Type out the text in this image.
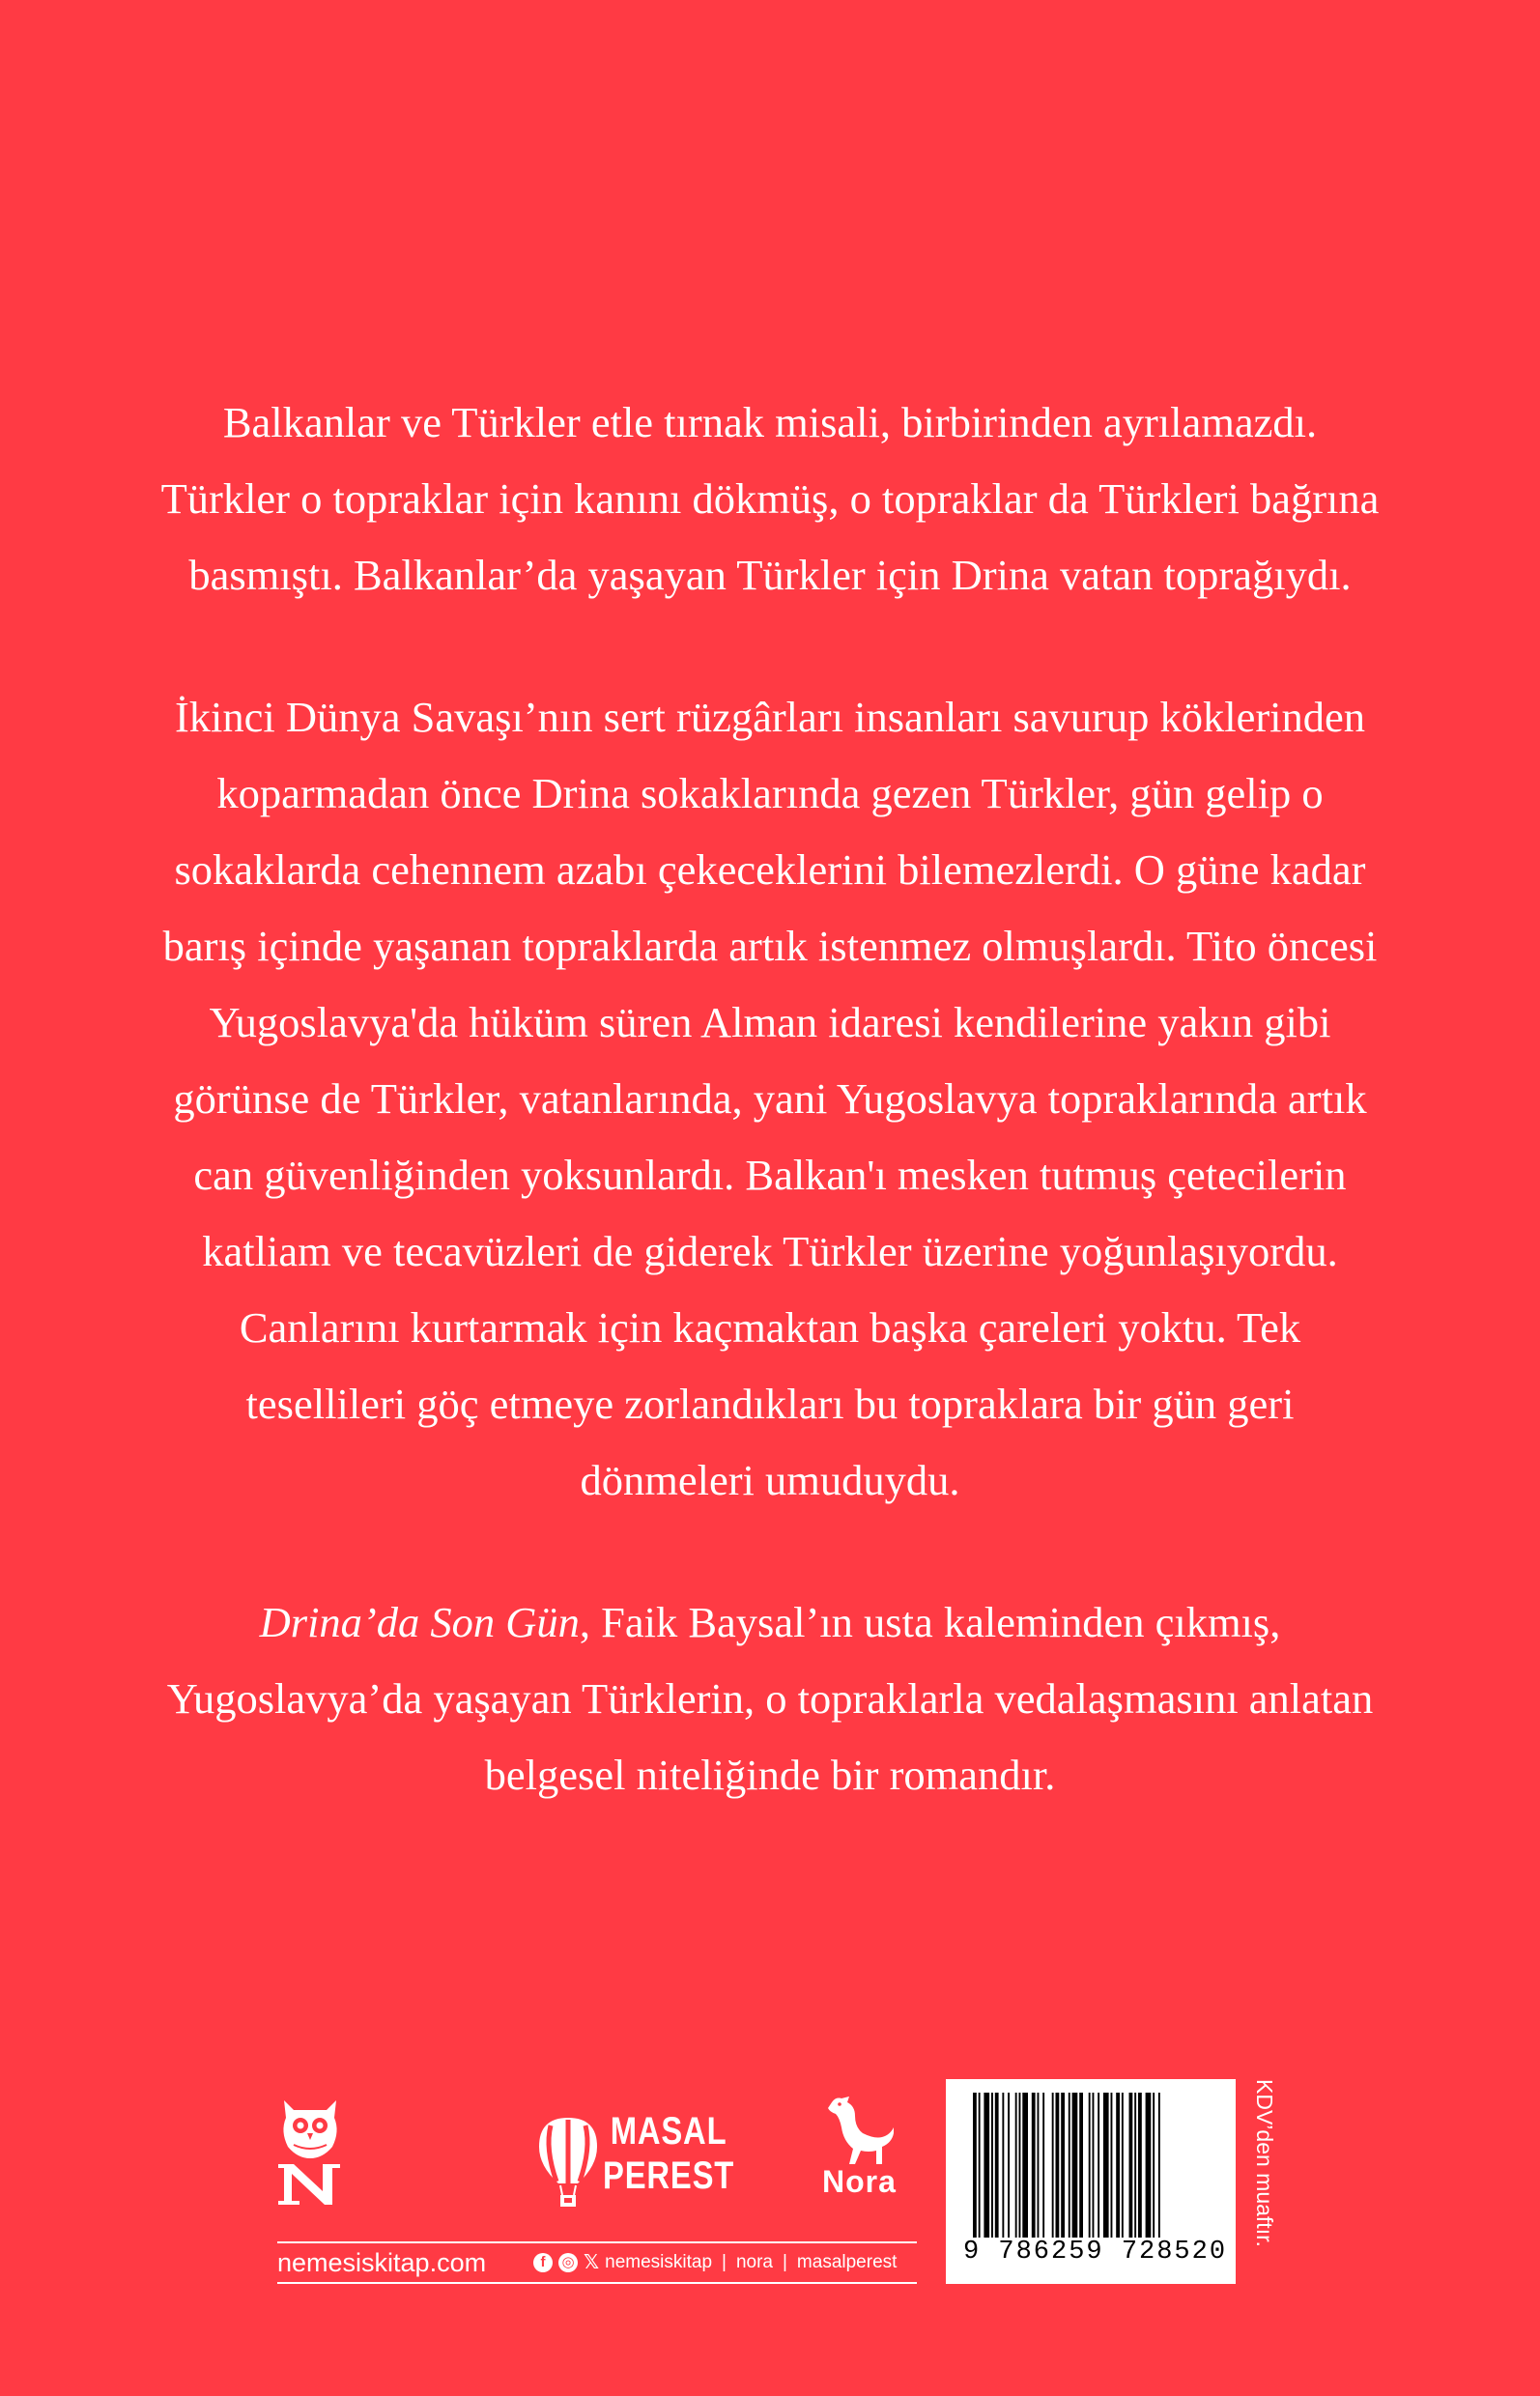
Balkanlar ve Türkler etle tırnak misali, birbirinden ayrılamazdı.
Türkler o topraklar için kanını dökmüş, o topraklar da Türkleri bağrına
basmıştı. Balkanlar’da yaşayan Türkler için Drina vatan toprağıydı.

İkinci Dünya Savaşı’nın sert rüzgârları insanları savurup köklerinden
koparmadan önce Drina sokaklarında gezen Türkler, gün gelip o
sokaklarda cehennem azabı çekeceklerini bilemezlerdi. O güne kadar
barış içinde yaşanan topraklarda artık istenmez olmuşlardı. Tito öncesi
Yugoslavya'da hüküm süren Alman idaresi kendilerine yakın gibi
görünse de Türkler, vatanlarında, yani Yugoslavya topraklarında artık
can güvenliğinden yoksunlardı. Balkan'ı mesken tutmuş çetecilerin
katliam ve tecavüzleri de giderek Türkler üzerine yoğunlaşıyordu.
Canlarını kurtarmak için kaçmaktan başka çareleri yoktu. Tek
tesellileri göç etmeye zorlandıkları bu topraklara bir gün geri
dönmeleri umuduydu.

Drina’da Son Gün, Faik Baysal’ın usta kaleminden çıkmış,
Yugoslavya’da yaşayan Türklerin, o topraklarla vedalaşmasını anlatan
belgesel niteliğinde bir romandır.

MASAL
PEREST	Nora
nemesiskitap.com	f	◎ 𝕏 nemesiskitap | nora | masalperest	9 786259 728520
KDV’den muaftır.
